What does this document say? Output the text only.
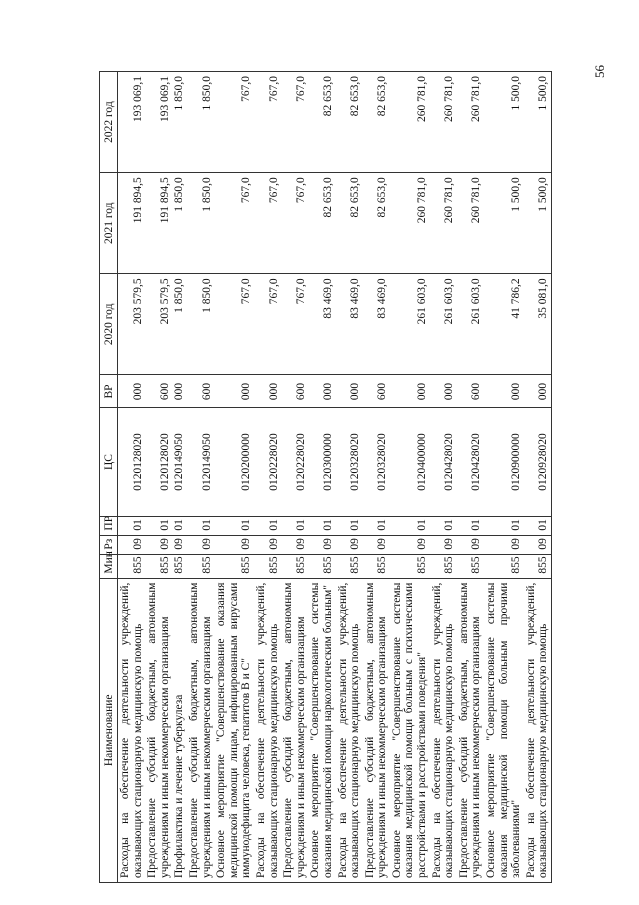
56
Наименование	Мин	Рз	ПР	ЦС	ВР	2020 год	2021 год	2022 год
Расходы на обеспечение деятельности учреждений, оказывающих стационарную медицинскую помощь	855	09	01	0120128020	000	203 579,5	191 894,5	193 069,1
Предоставление субсидий бюджетным, автономным учреждениям и иным некоммерческим организациям	855	09	01	0120128020	600	203 579,5	191 894,5	193 069,1
Профилактика и лечение туберкулеза	855	09	01	0120149050	000	1 850,0	1 850,0	1 850,0
Предоставление субсидий бюджетным, автономным учреждениям и иным некоммерческим организациям	855	09	01	0120149050	600	1 850,0	1 850,0	1 850,0
Основное мероприятие "Совершенствование оказания медицинской помощи лицам, инфицированным вирусами иммунодефицита человека, гепатитов В и С"	855	09	01	0120200000	000	767,0	767,0	767,0
Расходы на обеспечение деятельности учреждений, оказывающих стационарную медицинскую помощь	855	09	01	0120228020	000	767,0	767,0	767,0
Предоставление субсидий бюджетным, автономным учреждениям и иным некоммерческим организациям	855	09	01	0120228020	600	767,0	767,0	767,0
Основное мероприятие "Совершенствование системы оказания медицинской помощи наркологическим больным"	855	09	01	0120300000	000	83 469,0	82 653,0	82 653,0
Расходы на обеспечение деятельности учреждений, оказывающих стационарную медицинскую помощь	855	09	01	0120328020	000	83 469,0	82 653,0	82 653,0
Предоставление субсидий бюджетным, автономным учреждениям и иным некоммерческим организациям	855	09	01	0120328020	600	83 469,0	82 653,0	82 653,0
Основное мероприятие "Совершенствование системы оказания медицинской помощи больным с психическими расстройствами и расстройствами поведения"	855	09	01	0120400000	000	261 603,0	260 781,0	260 781,0
Расходы на обеспечение деятельности учреждений, оказывающих стационарную медицинскую помощь	855	09	01	0120428020	000	261 603,0	260 781,0	260 781,0
Предоставление субсидий бюджетным, автономным учреждениям и иным некоммерческим организациям	855	09	01	0120428020	600	261 603,0	260 781,0	260 781,0
Основное мероприятие "Совершенствование системы оказания медицинской помощи больным прочими заболеваниями"	855	09	01	0120900000	000	41 786,2	1 500,0	1 500,0
Расходы на обеспечение деятельности учреждений, оказывающих стационарную медицинскую помощь	855	09	01	0120928020	000	35 081,0	1 500,0	1 500,0
